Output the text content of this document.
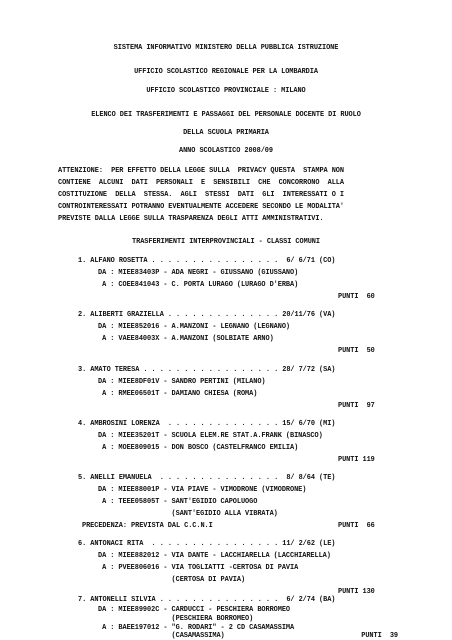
SISTEMA INFORMATIVO MINISTERO DELLA PUBBLICA ISTRUZIONE
UFFICIO SCOLASTICO REGIONALE PER LA LOMBARDIA
UFFICIO SCOLASTICO PROVINCIALE : MILANO
ELENCO DEI TRASFERIMENTI E PASSAGGI DEL PERSONALE DOCENTE DI RUOLO
DELLA SCUOLA PRIMARIA
ANNO SCOLASTICO 2008/09
ATTENZIONE:  PER EFFETTO DELLA LEGGE SULLA  PRIVACY QUESTA  STAMPA NON
CONTIENE  ALCUNI  DATI  PERSONALI  E  SENSIBILI  CHE  CONCORRONO  ALLA
COSTITUZIONE  DELLA  STESSA.  AGLI  STESSI  DATI  GLI  INTERESSATI O I
CONTROINTERESSATI POTRANNO EVENTUALMENTE ACCEDERE SECONDO LE MODALITA'
PREVISTE DALLA LEGGE SULLA TRASPARENZA DEGLI ATTI AMMINISTRATIVI.
TRASFERIMENTI INTERPROVINCIALI - CLASSI COMUNI
1. ALFANO ROSETTA . . . . . . . . . . . . . . . .  6/ 6/71 (CO)
DA : MIEE83403P - ADA NEGRI - GIUSSANO (GIUSSANO)
A : COEE841043 - C. PORTA LURAGO (LURAGO D'ERBA)
PUNTI  60
2. ALIBERTI GRAZIELLA . . . . . . . . . . . . . . 20/11/76 (VA)
DA : MIEE852016 - A.MANZONI - LEGNANO (LEGNANO)
A : VAEE84003X - A.MANZONI (SOLBIATE ARNO)
PUNTI  50
3. AMATO TERESA . . . . . . . . . . . . . . . . . 28/ 7/72 (SA)
DA : MIEE8DF01V - SANDRO PERTINI (MILANO)
A : RMEE06501T - DAMIANO CHIESA (ROMA)
PUNTI  97
4. AMBROSINI LORENZA  . . . . . . . . . . . . . . 15/ 6/70 (MI)
DA : MIEE35201T - SCUOLA ELEM.RE STAT.A.FRANK (BINASCO)
A : MOEE809015 - DON BOSCO (CASTELFRANCO EMILIA)
PUNTI 119
5. ANELLI EMANUELA  . . . . . . . . . . . . . . .  8/ 8/64 (TE)
DA : MIEE88001P - VIA PIAVE - VIMODRONE (VIMODRONE)
A : TEEE05805T - SANT'EGIDIO CAPOLUOGO
(SANT'EGIDIO ALLA VIBRATA)
PRECEDENZA: PREVISTA DAL C.C.N.I	PUNTI  66
6. ANTONACI RITA  . . . . . . . . . . . . . . . . 11/ 2/62 (LE)
DA : MIEE882012 - VIA DANTE - LACCHIARELLA (LACCHIARELLA)
A : PVEE806016 - VIA TOGLIATTI -CERTOSA DI PAVIA
(CERTOSA DI PAVIA)
PUNTI 130
7. ANTONELLI SILVIA . . . . . . . . . . . . . . .  6/ 2/74 (BA)
DA : MIEE89902C - CARDUCCI - PESCHIERA BORROMEO
(PESCHIERA BORROMEO)
A : BAEE197012 - "G. RODARI" - 2 CD CASAMASSIMA
(CASAMASSIMA)	PUNTI  39
